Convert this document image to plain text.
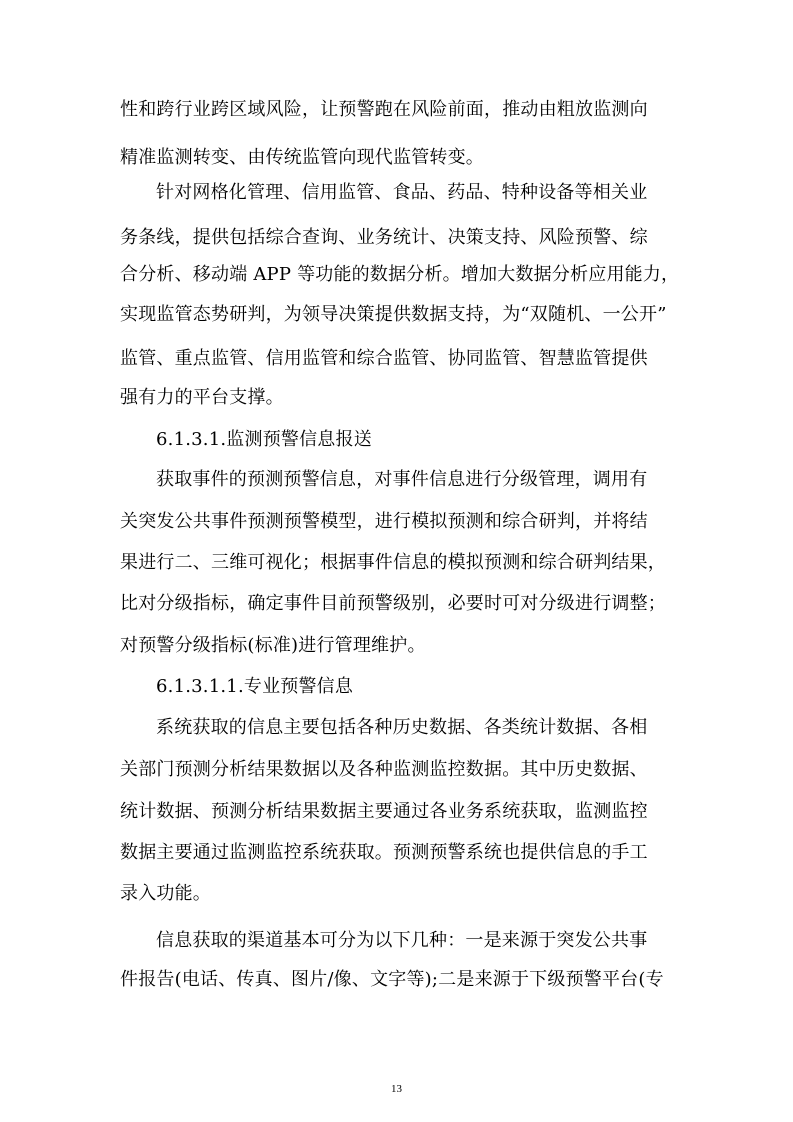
性和跨行业跨区域风险，让预警跑在风险前面，推动由粗放监测向
精准监测转变、由传统监管向现代监管转变。
针对网格化管理、信用监管、食品、药品、特种设备等相关业
务条线，提供包括综合查询、业务统计、决策支持、风险预警、综
合分析、移动端 APP 等功能的数据分析。增加大数据分析应用能力，
实现监管态势研判，为领导决策提供数据支持，为“双随机、一公开”
监管、重点监管、信用监管和综合监管、协同监管、智慧监管提供
强有力的平台支撑。
6.1.3.1.监测预警信息报送
获取事件的预测预警信息，对事件信息进行分级管理，调用有
关突发公共事件预测预警模型，进行模拟预测和综合研判，并将结
果进行二、三维可视化；根据事件信息的模拟预测和综合研判结果，
比对分级指标，确定事件目前预警级别，必要时可对分级进行调整；
对预警分级指标(标准)进行管理维护。
6.1.3.1.1.专业预警信息
系统获取的信息主要包括各种历史数据、各类统计数据、各相
关部门预测分析结果数据以及各种监测监控数据。其中历史数据、
统计数据、预测分析结果数据主要通过各业务系统获取，监测监控
数据主要通过监测监控系统获取。预测预警系统也提供信息的手工
录入功能。
信息获取的渠道基本可分为以下几种：一是来源于突发公共事
件报告(电话、传真、图片/像、文字等);二是来源于下级预警平台(专
13
